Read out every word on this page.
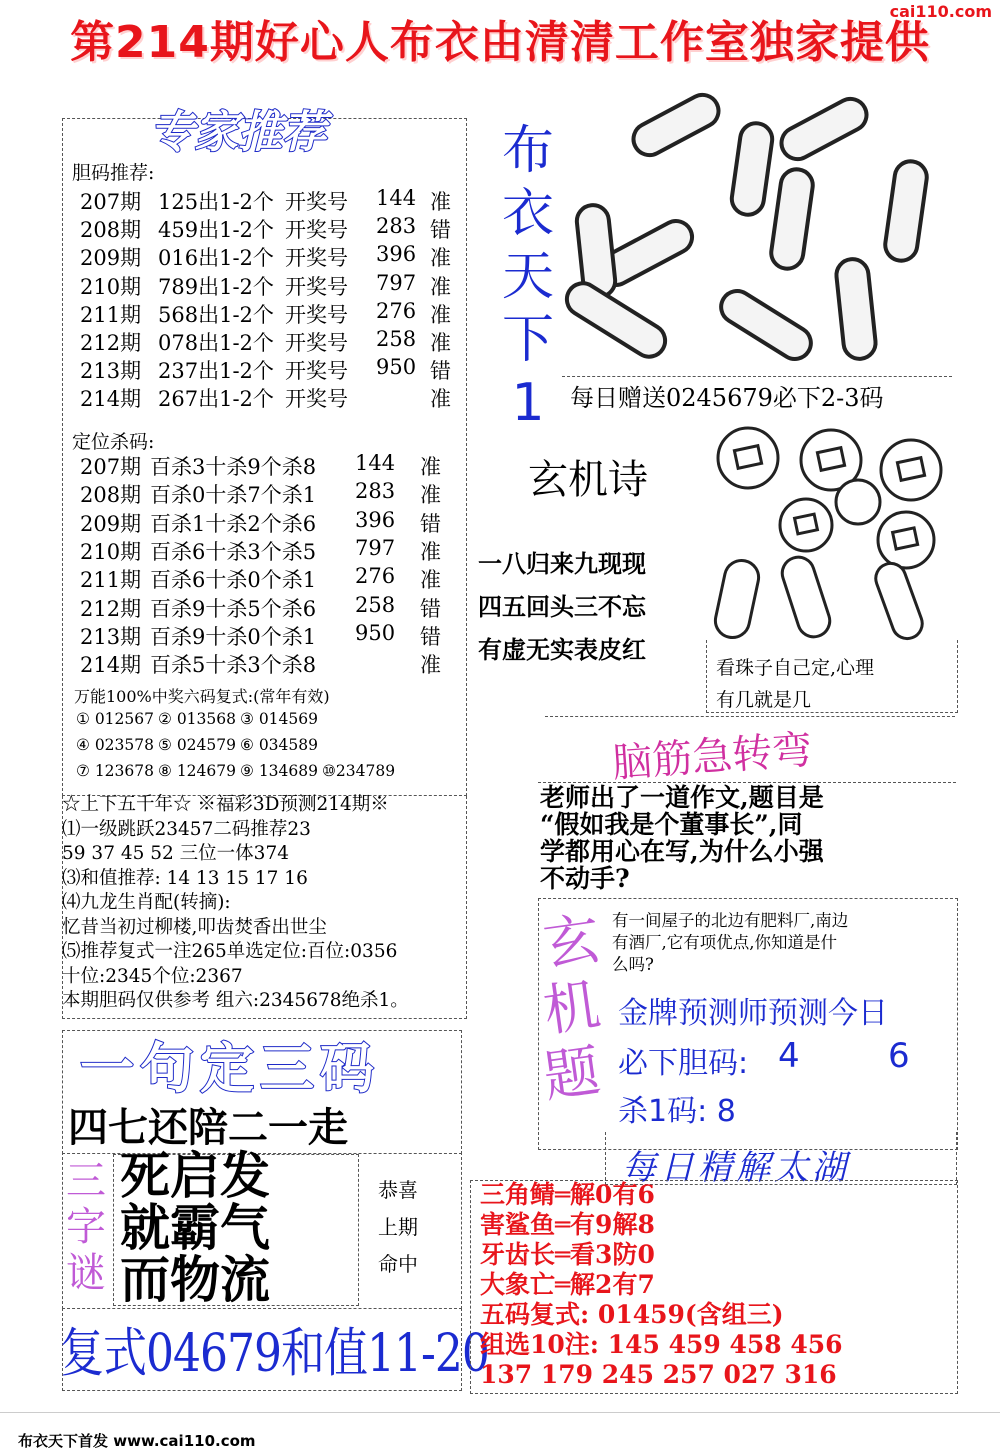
cai110.com
第214期好心人布衣由清清工作室独家提供
专家推荐
胆码推荐:
207期 125出1-2个 开奖号 144 准
208期 459出1-2个 开奖号 283 错
209期 016出1-2个 开奖号 396 准
210期 789出1-2个 开奖号 797 准
211期 568出1-2个 开奖号 276 准
212期 078出1-2个 开奖号 258 准
213期 237出1-2个 开奖号 950 错
214期 267出1-2个 开奖号	准
定位杀码:
207期 百杀3十杀9个杀8 144 准
208期 百杀0十杀7个杀1 283 准
209期 百杀1十杀2个杀6 396 错
210期 百杀6十杀3个杀5 797 准
211期 百杀6十杀0个杀1 276 准
212期 百杀9十杀5个杀6 258 错
213期 百杀9十杀0个杀1 950 错
214期 百杀5十杀3个杀8	准
万能100%中奖六码复式:(常年有效)
① 012567 ② 013568 ③ 014569
④ 023578 ⑤ 024579 ⑥ 034589
⑦ 123678 ⑧ 124679 ⑨ 134689 ⑩234789
☆上下五千年☆ ※福彩3D预测214期※
⑴一级跳跃23457二码推荐23
59 37 45 52 三位一体374
⑶和值推荐: 14 13 15 17 16
⑷九龙生肖配(转摘):
忆昔当初过柳楼,叩齿焚香出世尘
⑸推荐复式一注265单选定位:百位:0356
十位:2345个位:2367
本期胆码仅供参考 组六:2345678绝杀1。
布
衣
天
下
1	每日赠送0245679必下2-3码
玄机诗
一八归来九现现
四五回头三不忘
有虚无实表皮红
看珠子自己定,心理
有几就是几
脑筋急转弯
老师出了一道作文,题目是
“假如我是个董事长”,同
学都用心在写,为什么小强
不动手?
玄
机
题
有一间屋子的北边有肥料厂,南边
有酒厂,它有项优点,你知道是什
么吗?
金牌预测师预测今日
必下胆码: 4	6
杀1码: 8
一句定三码
四七还陪二一走
三
字
谜
死启发
就霸气
而物流
恭喜
上期
命中
复式04679和值11-20
每日精解太湖
三角鲭═解0有6
害鲨鱼═有9解8
牙齿长═看3防0
大象亡═解2有7
五码复式: 01459(含组三)
组选10注: 145 459 458 456
137 179 245 257 027 316
布衣天下首发 www.cai110.com
